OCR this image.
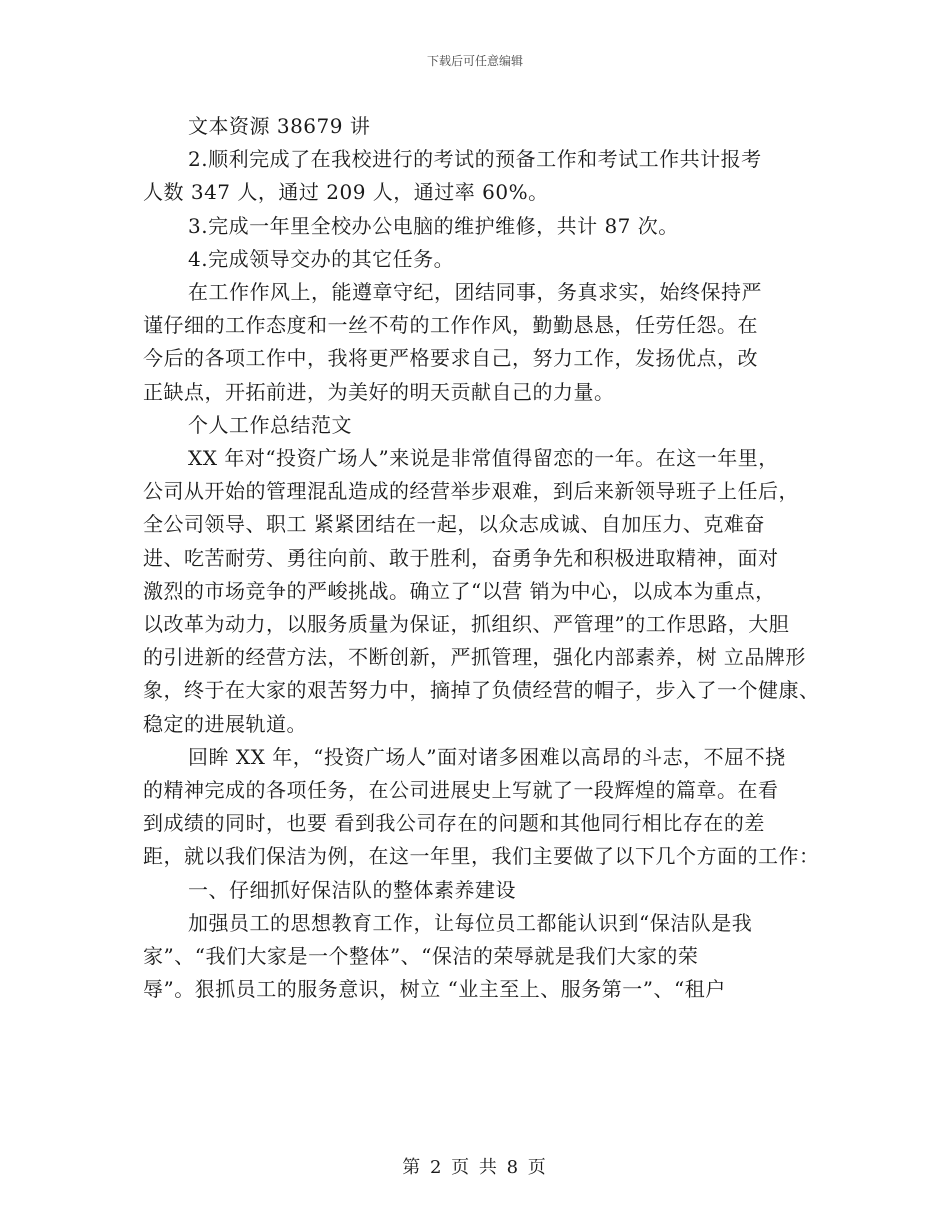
下载后可任意编辑
文本资源 38679 讲
2.顺利完成了在我校进行的考试的预备工作和考试工作共计报考
人数 347 人，通过 209 人，通过率 60%。
3.完成一年里全校办公电脑的维护维修，共计 87 次。
4.完成领导交办的其它任务。
在工作作风上，能遵章守纪，团结同事，务真求实，始终保持严
谨仔细的工作态度和一丝不苟的工作作风，勤勤恳恳，任劳任怨。在
今后的各项工作中，我将更严格要求自己，努力工作，发扬优点，改
正缺点，开拓前进，为美好的明天贡献自己的力量。
个人工作总结范文
XX 年对“投资广场人”来说是非常值得留恋的一年。在这一年里，
公司从开始的管理混乱造成的经营举步艰难，到后来新领导班子上任后，
全公司领导、职工 紧紧团结在一起，以众志成诚、自加压力、克难奋
进、吃苦耐劳、勇往向前、敢于胜利，奋勇争先和积极进取精神，面对
激烈的市场竞争的严峻挑战。确立了“以营 销为中心，以成本为重点，
以改革为动力，以服务质量为保证，抓组织、严管理”的工作思路，大胆
的引进新的经营方法，不断创新，严抓管理，强化内部素养，树 立品牌形
象，终于在大家的艰苦努力中，摘掉了负债经营的帽子，步入了一个健康、
稳定的进展轨道。
回眸 XX 年，“投资广场人”面对诸多困难以高昂的斗志，不屈不挠
的精神完成的各项任务，在公司进展史上写就了一段辉煌的篇章。在看
到成绩的同时，也要 看到我公司存在的问题和其他同行相比存在的差
距，就以我们保洁为例，在这一年里，我们主要做了以下几个方面的工作：
一、仔细抓好保洁队的整体素养建设
加强员工的思想教育工作，让每位员工都能认识到“保洁队是我
家”、“我们大家是一个整体”、“保洁的荣辱就是我们大家的荣
辱”。狠抓员工的服务意识，树立 “业主至上、服务第一”、“租户
第 2 页 共 8 页
